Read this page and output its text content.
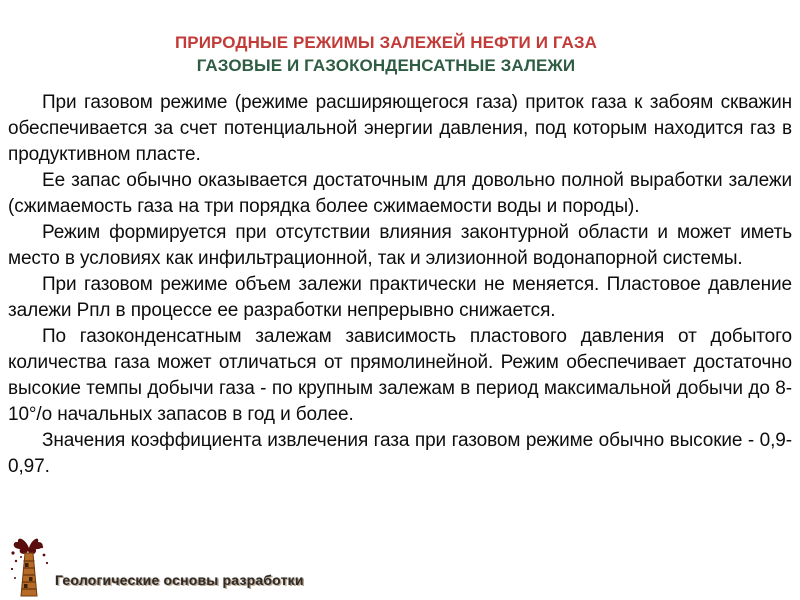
ПРИРОДНЫЕ РЕЖИМЫ ЗАЛЕЖЕЙ НЕФТИ И ГАЗА
ГАЗОВЫЕ И ГАЗОКОНДЕНСАТНЫЕ ЗАЛЕЖИ

При газовом режиме (режиме расширяющегося газа) приток газа к забоям скважин обеспечивается за счет потенциальной энергии давления, под которым находится газ в продуктивном пласте.

Ее запас обычно оказывается достаточным для довольно полной выработки залежи (сжимаемость газа на три порядка более сжимаемости воды и породы).

Режим формируется при отсутствии влияния законтурной области и может иметь место в условиях как инфильтрационной, так и элизионной водонапорной системы.

При газовом режиме объем залежи практически не меняется. Пластовое давление залежи Рпл в процессе ее разработки непрерывно снижается.

По газоконденсатным залежам зависимость пластового давления от добытого количества газа может отличаться от прямолинейной. Режим обеспечивает достаточно высокие темпы добычи газа - по крупным залежам в период максимальной добычи до 8-10°/о начальных запасов в год и более.

Значения коэффициента извлечения газа при газовом режиме обычно высокие - 0,9-0,97.

Геологические основы разработки
